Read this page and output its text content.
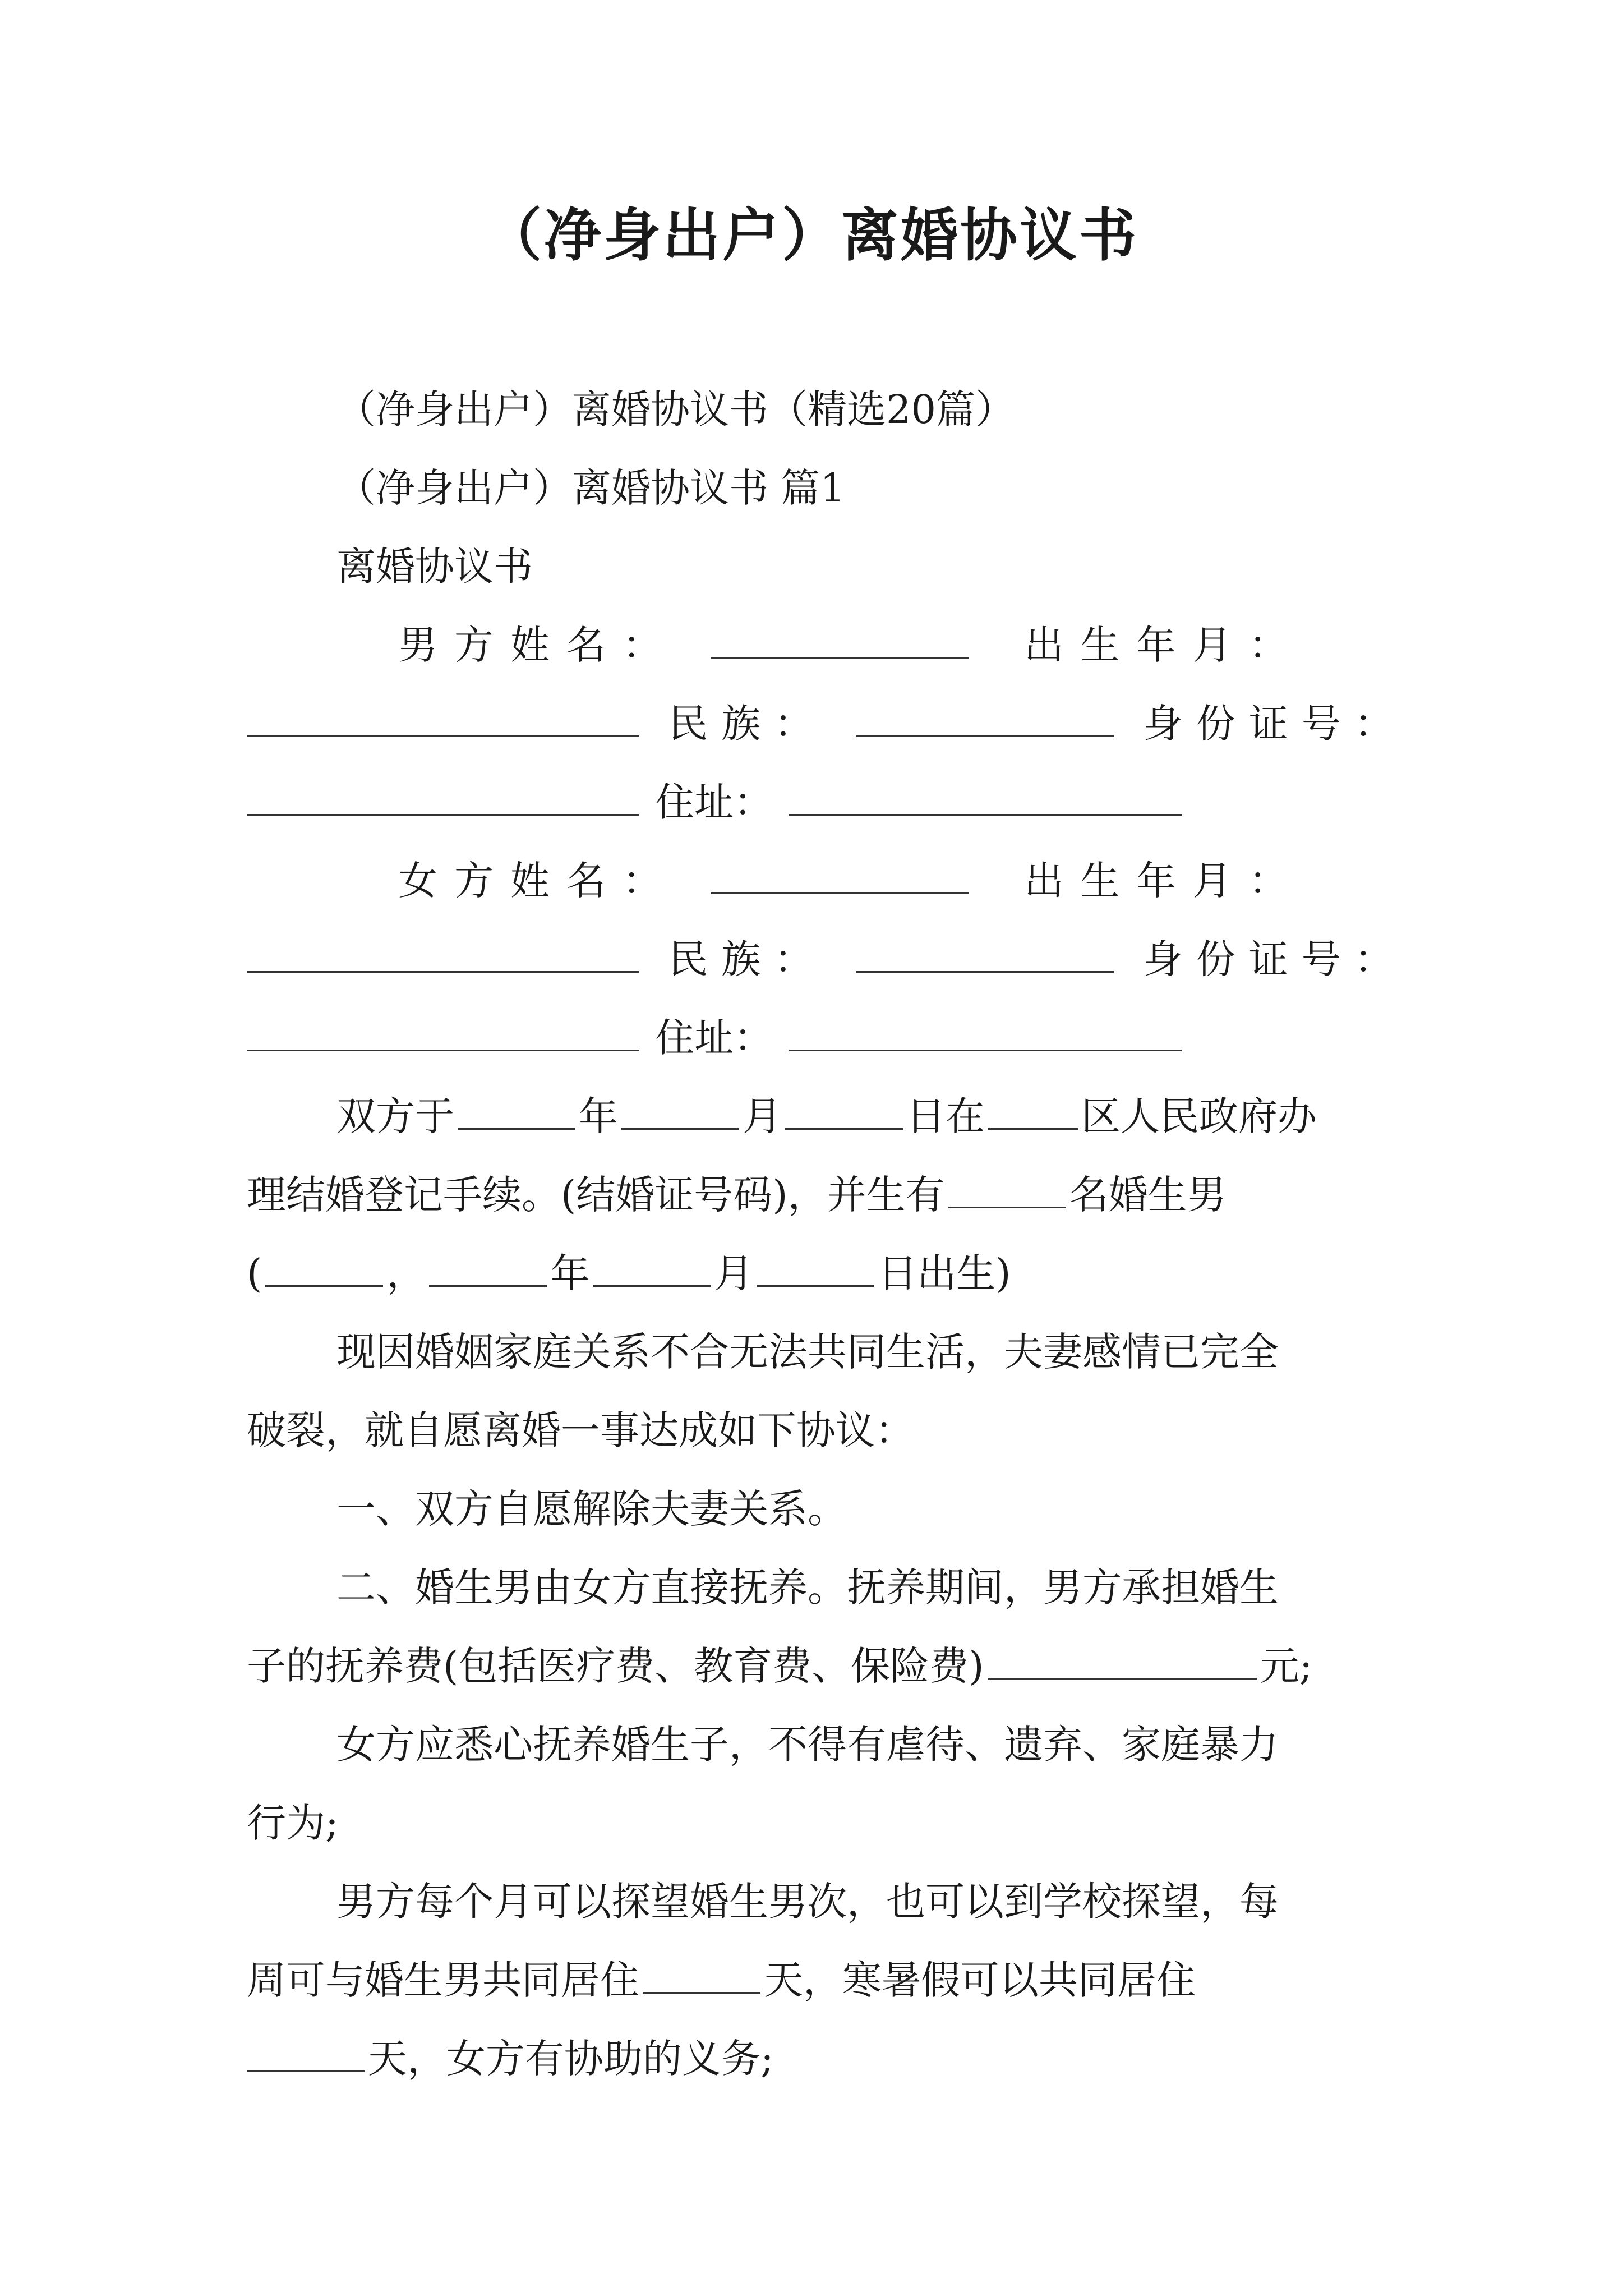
（净身出户）离婚协议书
（净身出户）离婚协议书（精选20篇）
（净身出户）离婚协议书 篇1
离婚协议书
男方姓名：	出生年月：
民族：	身份证号：
住址：
女方姓名：	出生年月：
民族：	身份证号：
住址：
双方于	年	月	日在 区人民政府办
理结婚登记手续。(结婚证号码)，并生有	名婚生男
(	，	年	月	日出生)
现因婚姻家庭关系不合无法共同生活，夫妻感情已完全
破裂，就自愿离婚一事达成如下协议：
一、双方自愿解除夫妻关系。
二、婚生男由女方直接抚养。抚养期间，男方承担婚生
子的抚养费(包括医疗费、教育费、保险费)	元;
女方应悉心抚养婚生子，不得有虐待、遗弃、家庭暴力
行为;
男方每个月可以探望婚生男次，也可以到学校探望，每
周可与婚生男共同居住	天，寒暑假可以共同居住
天，女方有协助的义务;
